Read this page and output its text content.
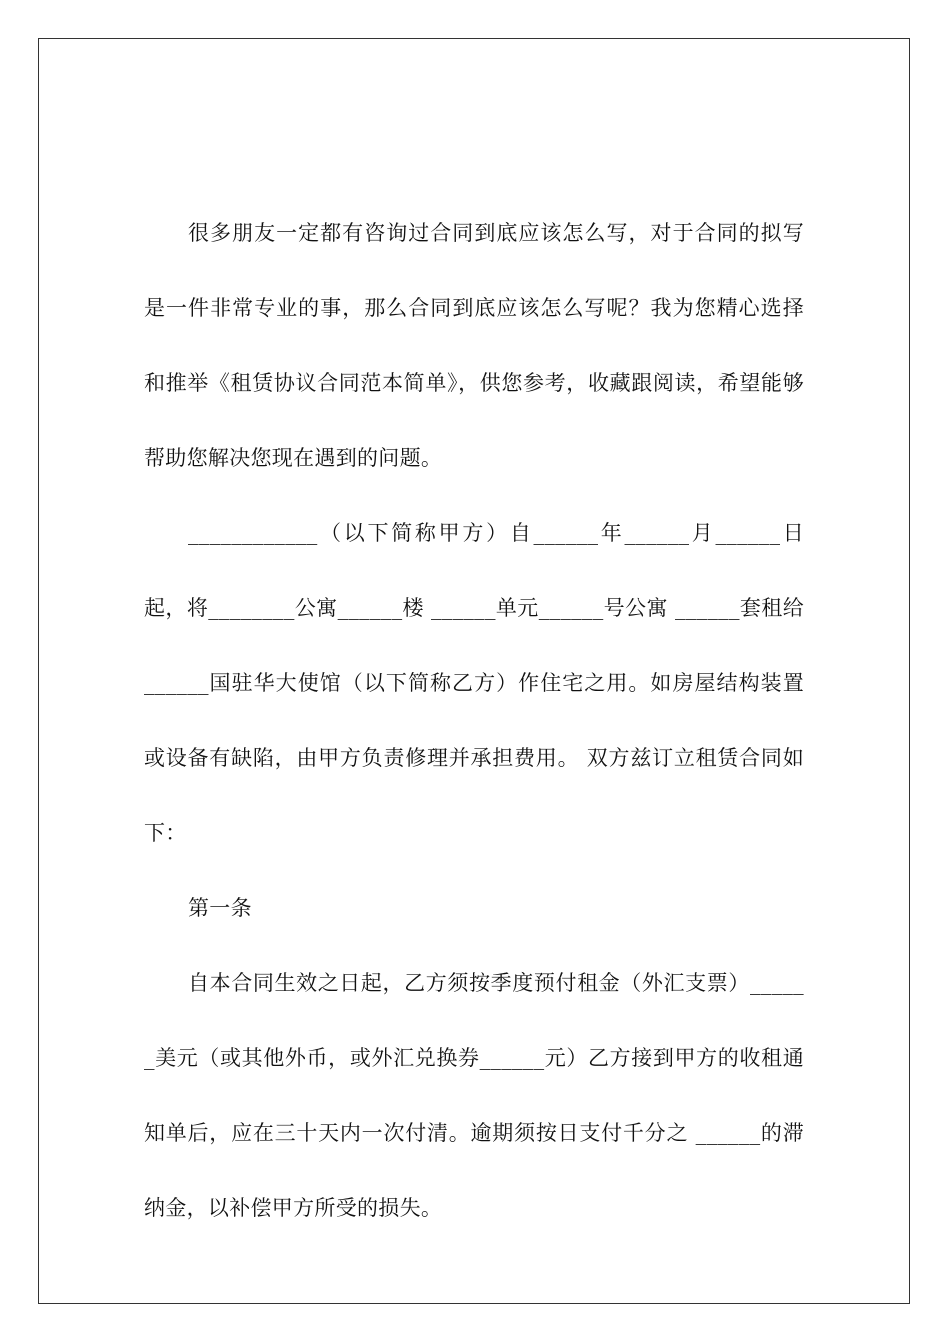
很多朋友一定都有咨询过合同到底应该怎么写，对于合同的拟写是一件非常专业的事，那么合同到底应该怎么写呢？我为您精心选择和推举《租赁协议合同范本简单》，供您参考，收藏跟阅读，希望能够帮助您解决您现在遇到的问题。

____________（以下简称甲方）自______年______月______日起，将________公寓______楼 ______单元______号公寓 ______套租给______国驻华大使馆（以下简称乙方）作住宅之用。如房屋结构装置或设备有缺陷，由甲方负责修理并承担费用。 双方兹订立租赁合同如下：

第一条

自本合同生效之日起，乙方须按季度预付租金（外汇支票）______美元（或其他外币，或外汇兑换券______元）乙方接到甲方的收租通知单后，应在三十天内一次付清。逾期须按日支付千分之 ______的滞纳金，以补偿甲方所受的损失。
